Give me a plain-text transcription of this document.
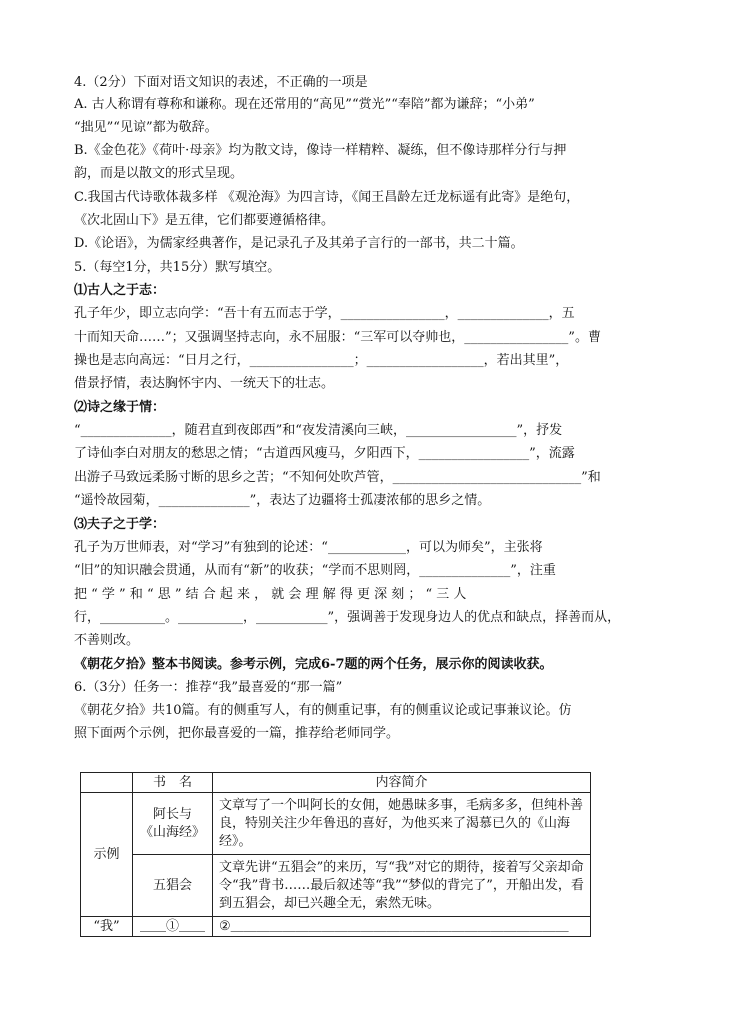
4.（2分）下面对语文知识的表述，不正确的一项是
A. 古人称谓有尊称和谦称。现在还常用的“高见”“赏光”“奉陪”都为谦辞；“小弟”
“拙见”“见谅”都为敬辞。
B.《金色花》《荷叶·母亲》均为散文诗，像诗一样精粹、凝练，但不像诗那样分行与押
韵，而是以散文的形式呈现。
C.我国古代诗歌体裁多样 《观沧海》为四言诗，《闻王昌龄左迁龙标遥有此寄》是绝句，
《次北固山下》是五律，它们都要遵循格律。
D.《论语》，为儒家经典著作，是记录孔子及其弟子言行的一部书，共二十篇。
5.（每空1分，共15分）默写填空。
⑴古人之于志：
孔子年少，即立志向学：“吾十有五而志于学，________________，______________，五
十而知天命……”；又强调坚持志向，永不屈服：“三军可以夺帅也，________________”。曹
操也是志向高远：“日月之行，________________；__________________，若出其里”，
借景抒情，表达胸怀宇内、一统天下的壮志。
⑵诗之缘于情：
“______________，随君直到夜郎西”和“夜发清溪向三峡，_________________”，抒发
了诗仙李白对朋友的愁思之情；“古道西风瘦马，夕阳西下，_________________”，流露
出游子马致远柔肠寸断的思乡之苦；“不知何处吹芦管，_____________________________”和
“遥怜故园菊，______________”，表达了边疆将士孤凄浓郁的思乡之情。
⑶夫子之于学：
孔子为万世师表，对“学习”有独到的论述：“____________，可以为师矣”，主张将
“旧”的知识融会贯通，从而有“新”的收获；“学而不思则罔，______________”，注重
把 “ 学 ” 和 “ 思 ” 结 合 起 来 ， 就 会 理 解 得 更 深 刻 ； “ 三 人
行，__________。__________，___________”，强调善于发现身边人的优点和缺点，择善而从，
不善则改。
《朝花夕拾》整本书阅读。参考示例，完成6-7题的两个任务，展示你的阅读收获。
6.（3分）任务一：推荐“我”最喜爱的“那一篇”
《朝花夕拾》共10篇。有的侧重写人，有的侧重记事，有的侧重议论或记事兼议论。仿
照下面两个示例，把你最喜爱的一篇，推荐给老师同学。
	书　名	内容简介
示例	阿长与
《山海经》	文章写了一个叫阿长的女佣，她愚昧多事，毛病多多，但纯朴善良，特别关注少年鲁迅的喜好，为他买来了渴慕已久的《山海经》。
	五猖会	文章先讲“五猖会”的来历，写“我”对它的期待，接着写父亲却命令“我”背书……最后叙述等“我”“梦似的背完了”，开船出发，看到五猖会，却已兴趣全无，索然无味。
“我”	＿＿①＿＿	②＿＿＿＿＿＿＿＿＿＿＿＿＿＿＿＿＿＿＿＿＿＿＿＿＿＿
